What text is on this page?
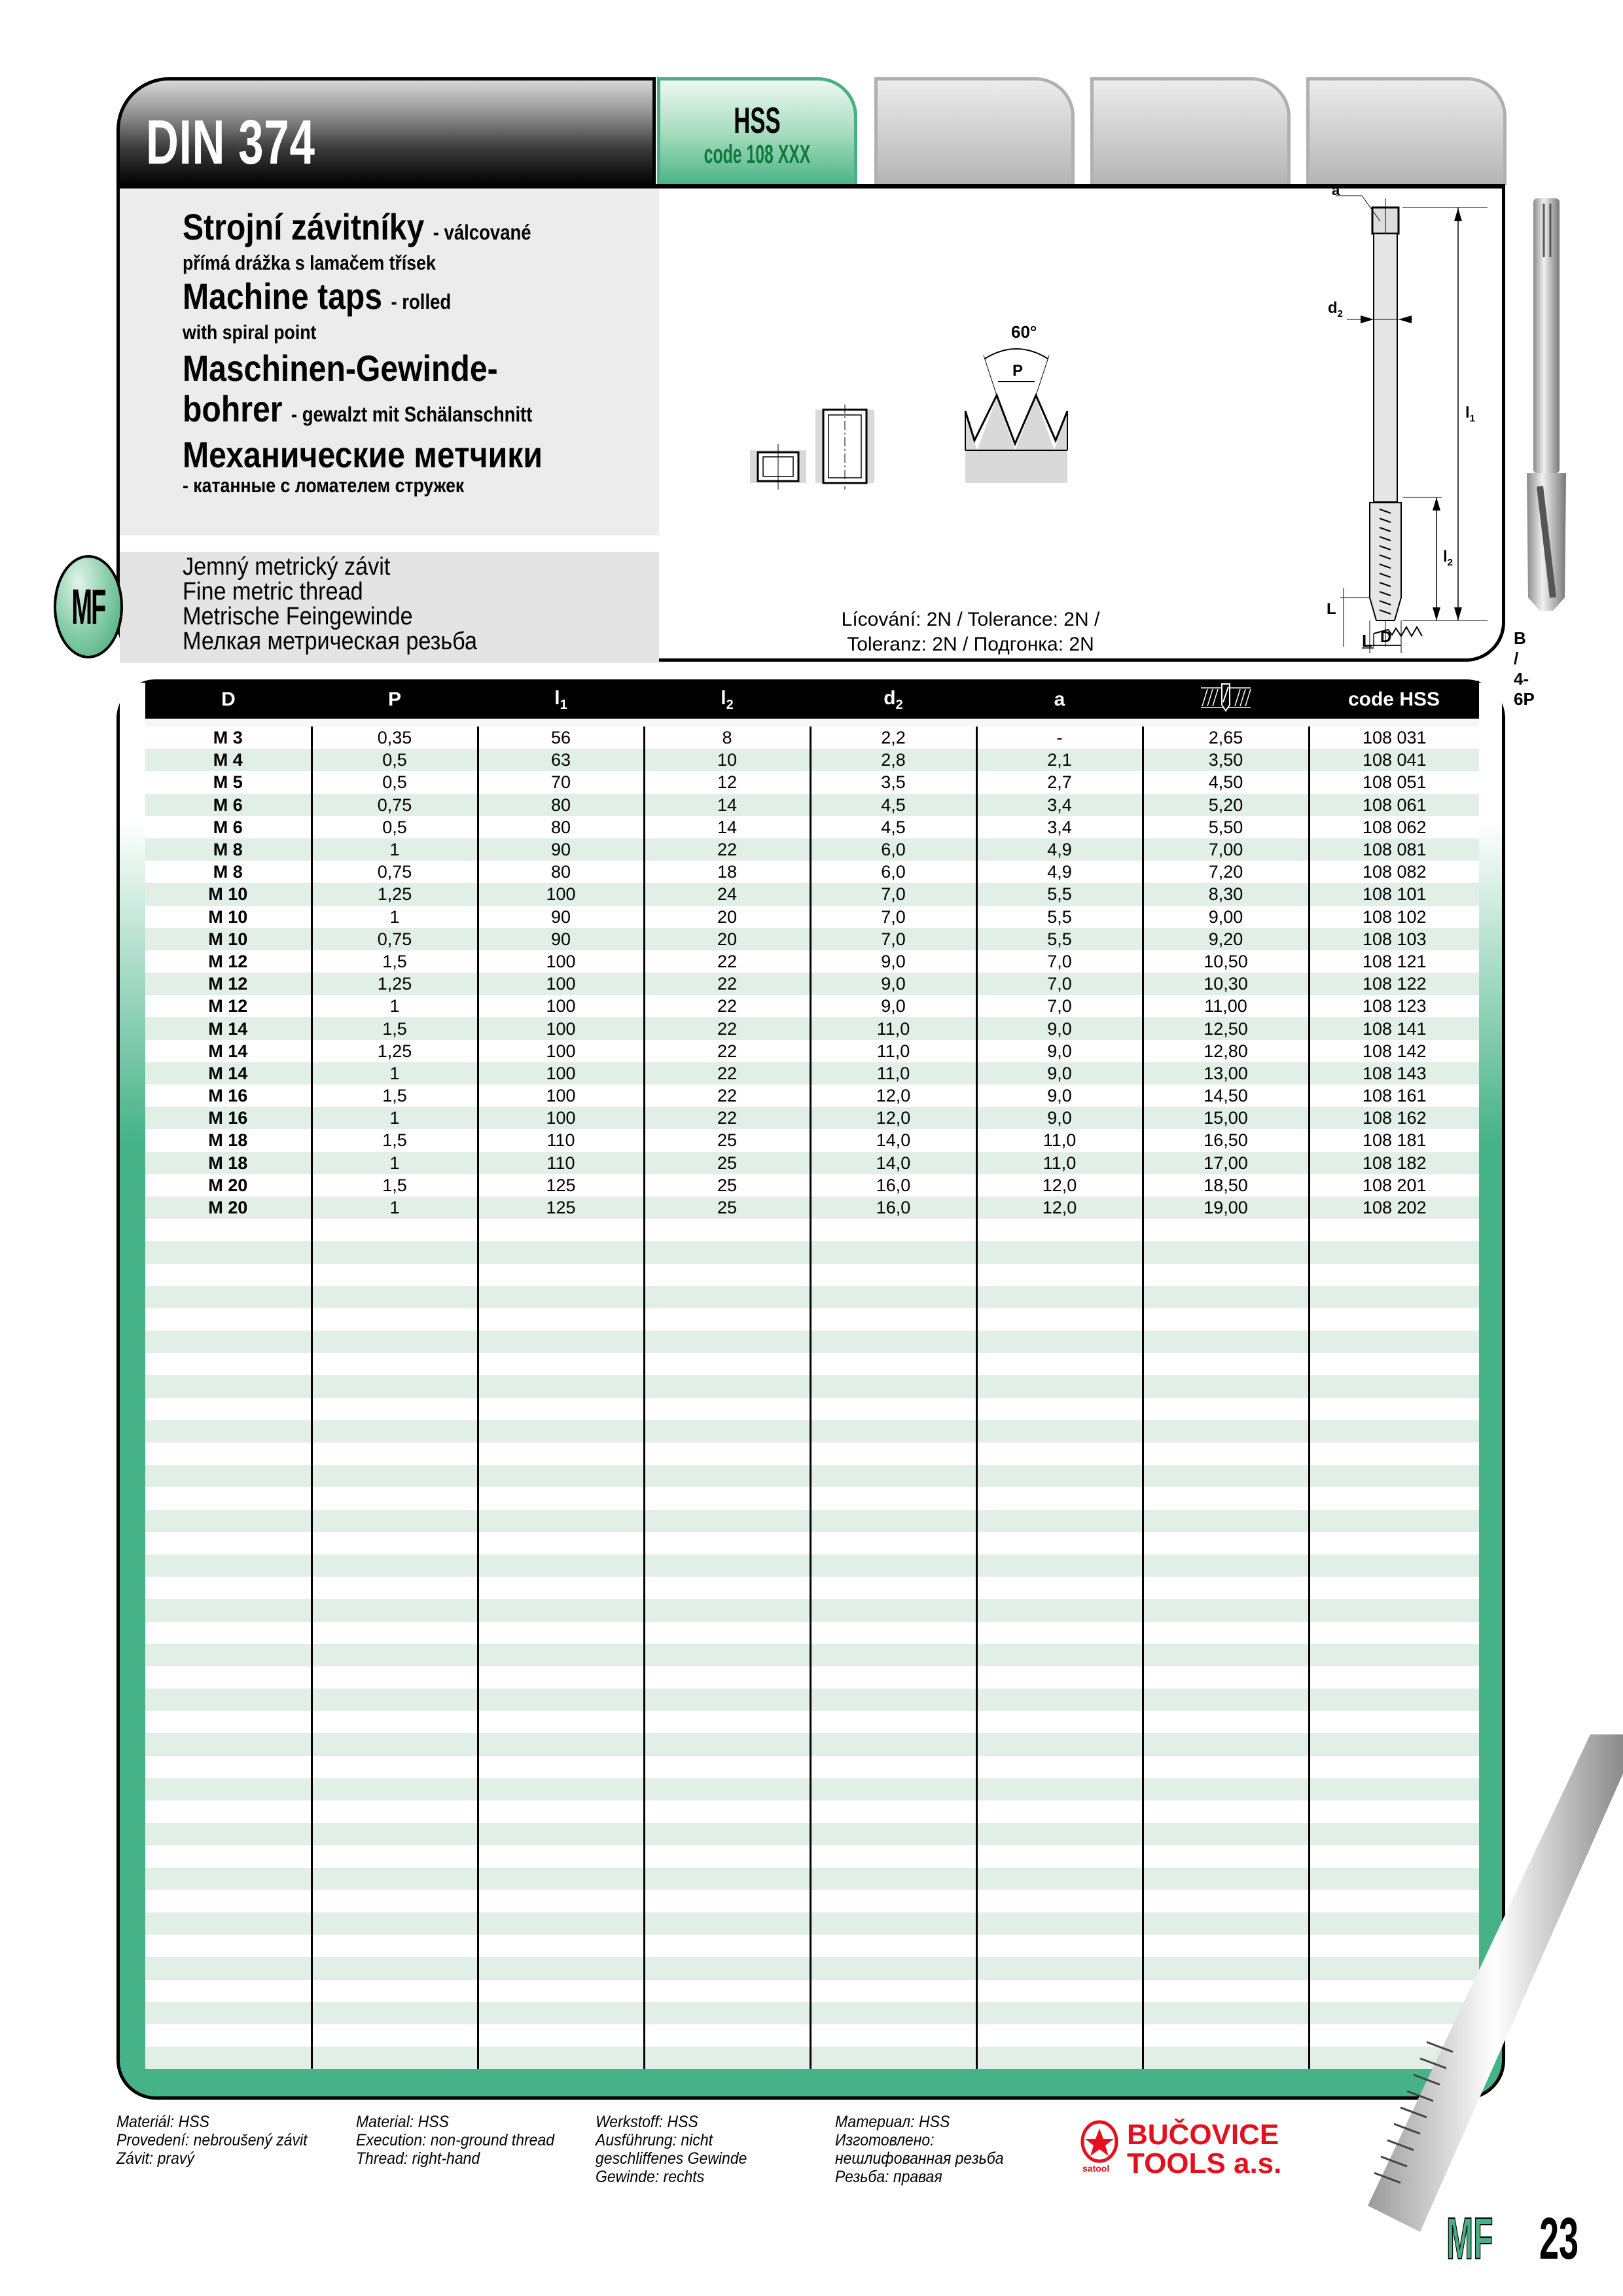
DIN 374	HSS
code 108 XXX
Strojní závitníky - válcované
přímá drážka s lamačem třísek
Machine taps - rolled
with spiral point
Maschinen-Gewinde-
bohrer - gewalzt mit Schälanschnitt
Механические метчики
- катанные с ломателем стружек
Jemný metrický závit
Fine metric thread
Metrische Feingewinde
Мелкая метрическая резьба
Lícování: 2N / Tolerance: 2N /
Toleranz: 2N / Подгонка: 2N
60°
P
a
$d_2$
$l_1$
$l_2$
L
D
L	B / 4-6P
MF
D	P	$l_1$	$l_2$	$d_2$	a		code HSS

M 3	0,35	56	8	2,2	-	2,65	108 031
M 4	0,5	63	10	2,8	2,1	3,50	108 041
M 5	0,5	70	12	3,5	2,7	4,50	108 051
M 6	0,75	80	14	4,5	3,4	5,20	108 061
M 6	0,5	80	14	4,5	3,4	5,50	108 062
M 8	1	90	22	6,0	4,9	7,00	108 081
M 8	0,75	80	18	6,0	4,9	7,20	108 082
M 10	1,25	100	24	7,0	5,5	8,30	108 101
M 10	1	90	20	7,0	5,5	9,00	108 102
M 10	0,75	90	20	7,0	5,5	9,20	108 103
M 12	1,5	100	22	9,0	7,0	10,50	108 121
M 12	1,25	100	22	9,0	7,0	10,30	108 122
M 12	1	100	22	9,0	7,0	11,00	108 123
M 14	1,5	100	22	11,0	9,0	12,50	108 141
M 14	1,25	100	22	11,0	9,0	12,80	108 142
M 14	1	100	22	11,0	9,0	13,00	108 143
M 16	1,5	100	22	12,0	9,0	14,50	108 161
M 16	1	100	22	12,0	9,0	15,00	108 162
M 18	1,5	110	25	14,0	11,0	16,50	108 181
M 18	1	110	25	14,0	11,0	17,00	108 182
M 20	1,5	125	25	16,0	12,0	18,50	108 201
M 20	1	125	25	16,0	12,0	19,00	108 202

Materiál: HSS
Provedení: nebroušený závit
Závit: pravý
Material: HSS
Execution: non-ground thread
Thread: right-hand
Werkstoff: HSS
Ausführung: nicht
geschliffenes Gewinde
Gewinde: rechts
Материал: HSS
Изготовлено:
нешлифованная резьба
Резьба: правая	satool
BUČOVICE
TOOLS a.s.
MF 23
